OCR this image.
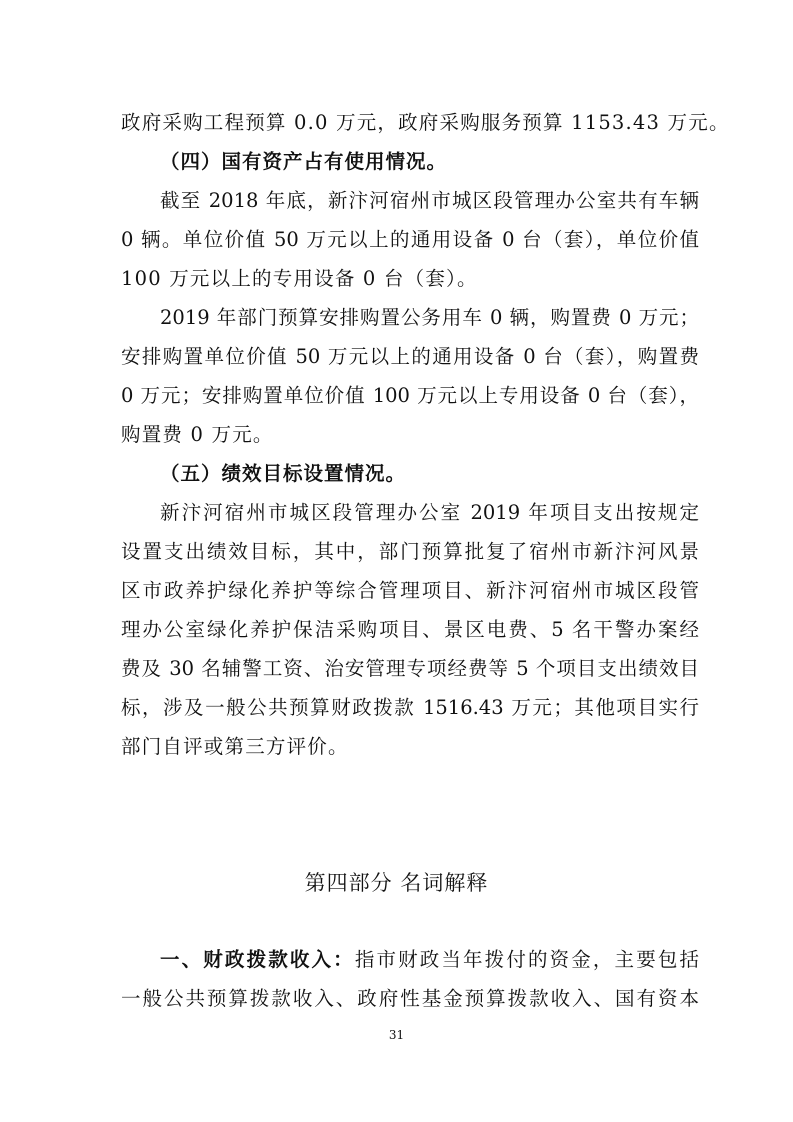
政府采购工程预算 0.0 万元，政府采购服务预算 1153.43 万元。
（四）国有资产占有使用情况。
截至 2018 年底，新汴河宿州市城区段管理办公室共有车辆
0 辆。单位价值 50 万元以上的通用设备 0 台（套），单位价值
100 万元以上的专用设备 0 台（套）。
2019 年部门预算安排购置公务用车 0 辆，购置费 0 万元；
安排购置单位价值 50 万元以上的通用设备 0 台（套），购置费
0 万元；安排购置单位价值 100 万元以上专用设备 0 台（套），
购置费 0 万元。
（五）绩效目标设置情况。
新汴河宿州市城区段管理办公室 2019 年项目支出按规定
设置支出绩效目标，其中，部门预算批复了宿州市新汴河风景
区市政养护绿化养护等综合管理项目、新汴河宿州市城区段管
理办公室绿化养护保洁采购项目、景区电费、5 名干警办案经
费及 30 名辅警工资、治安管理专项经费等 5 个项目支出绩效目
标，涉及一般公共预算财政拨款 1516.43 万元；其他项目实行
部门自评或第三方评价。
第四部分 名词解释
一、财政拨款收入：指市财政当年拨付的资金，主要包括
一般公共预算拨款收入、政府性基金预算拨款收入、国有资本
31
